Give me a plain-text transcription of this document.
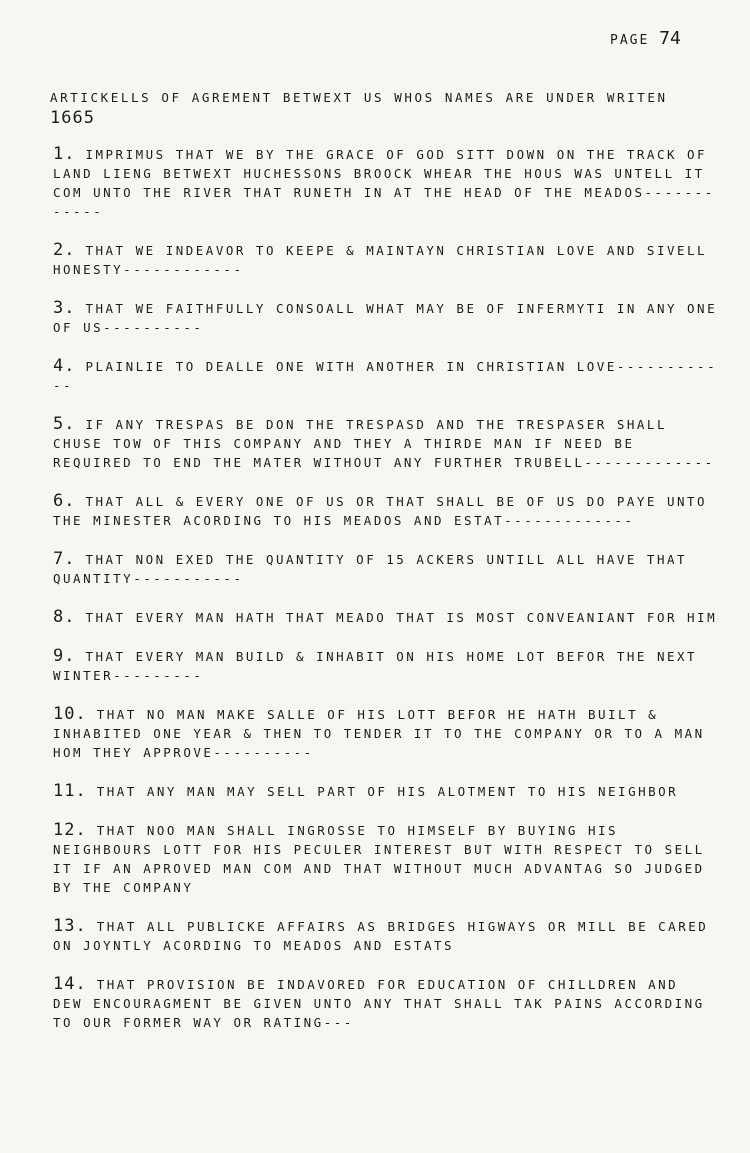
PAGE 74
ARTICKELLS OF AGREMENT BETWEXT US WHOS NAMES ARE UNDER WRITEN 1665
1. IMPRIMUS THAT WE BY THE GRACE OF GOD SITT DOWN ON THE TRACK OF LAND LIENG BETWEXT HUCHESSONS BROOCK WHEAR THE HOUS WAS UNTELL IT COM UNTO THE RIVER THAT RUNETH IN AT THE HEAD OF THE MEADOS------------
2. THAT WE INDEAVOR TO KEEPE & MAINTAYN CHRISTIAN LOVE AND SIVELL HONESTY------------
3. THAT WE FAITHFULLY CONSOALL WHAT MAY BE OF INFERMYTI IN ANY ONE OF US----------
4. PLAINLIE TO DEALLE ONE WITH ANOTHER IN CHRISTIAN LOVE------------
5. IF ANY TRESPAS BE DON THE TRESPASD AND THE TRESPASER SHALL CHUSE TOW OF THIS COMPANY AND THEY A THIRDE MAN IF NEED BE REQUIRED TO END THE MATER WITHOUT ANY FURTHER TRUBELL-------------
6. THAT ALL & EVERY ONE OF US OR THAT SHALL BE OF US DO PAYE UNTO THE MINESTER ACORDING TO HIS MEADOS AND ESTAT-------------
7. THAT NON EXED THE QUANTITY OF 15 ACKERS UNTILL ALL HAVE THAT QUANTITY-----------
8. THAT EVERY MAN HATH THAT MEADO THAT IS MOST CONVEANIANT FOR HIM
9. THAT EVERY MAN BUILD & INHABIT ON HIS HOME LOT BEFOR THE NEXT WINTER---------
10. THAT NO MAN MAKE SALLE OF HIS LOTT BEFOR HE HATH BUILT & INHABITED ONE YEAR & THEN TO TENDER IT TO THE COMPANY OR TO A MAN HOM THEY APPROVE----------
11. THAT ANY MAN MAY SELL PART OF HIS ALOTMENT TO HIS NEIGHBOR
12. THAT NOO MAN SHALL INGROSSE TO HIMSELF BY BUYING HIS NEIGHBOURS LOTT FOR HIS PECULER INTEREST BUT WITH RESPECT TO SELL IT IF AN APROVED MAN COM AND THAT WITHOUT MUCH ADVANTAG SO JUDGED BY THE COMPANY
13. THAT ALL PUBLICKE AFFAIRS AS BRIDGES HIGWAYS OR MILL BE CARED ON JOYNTLY ACORDING TO MEADOS AND ESTATS
14. THAT PROVISION BE INDAVORED FOR EDUCATION OF CHILLDREN AND DEW ENCOURAGMENT BE GIVEN UNTO ANY THAT SHALL TAK PAINS ACCORDING TO OUR FORMER WAY OR RATING---
